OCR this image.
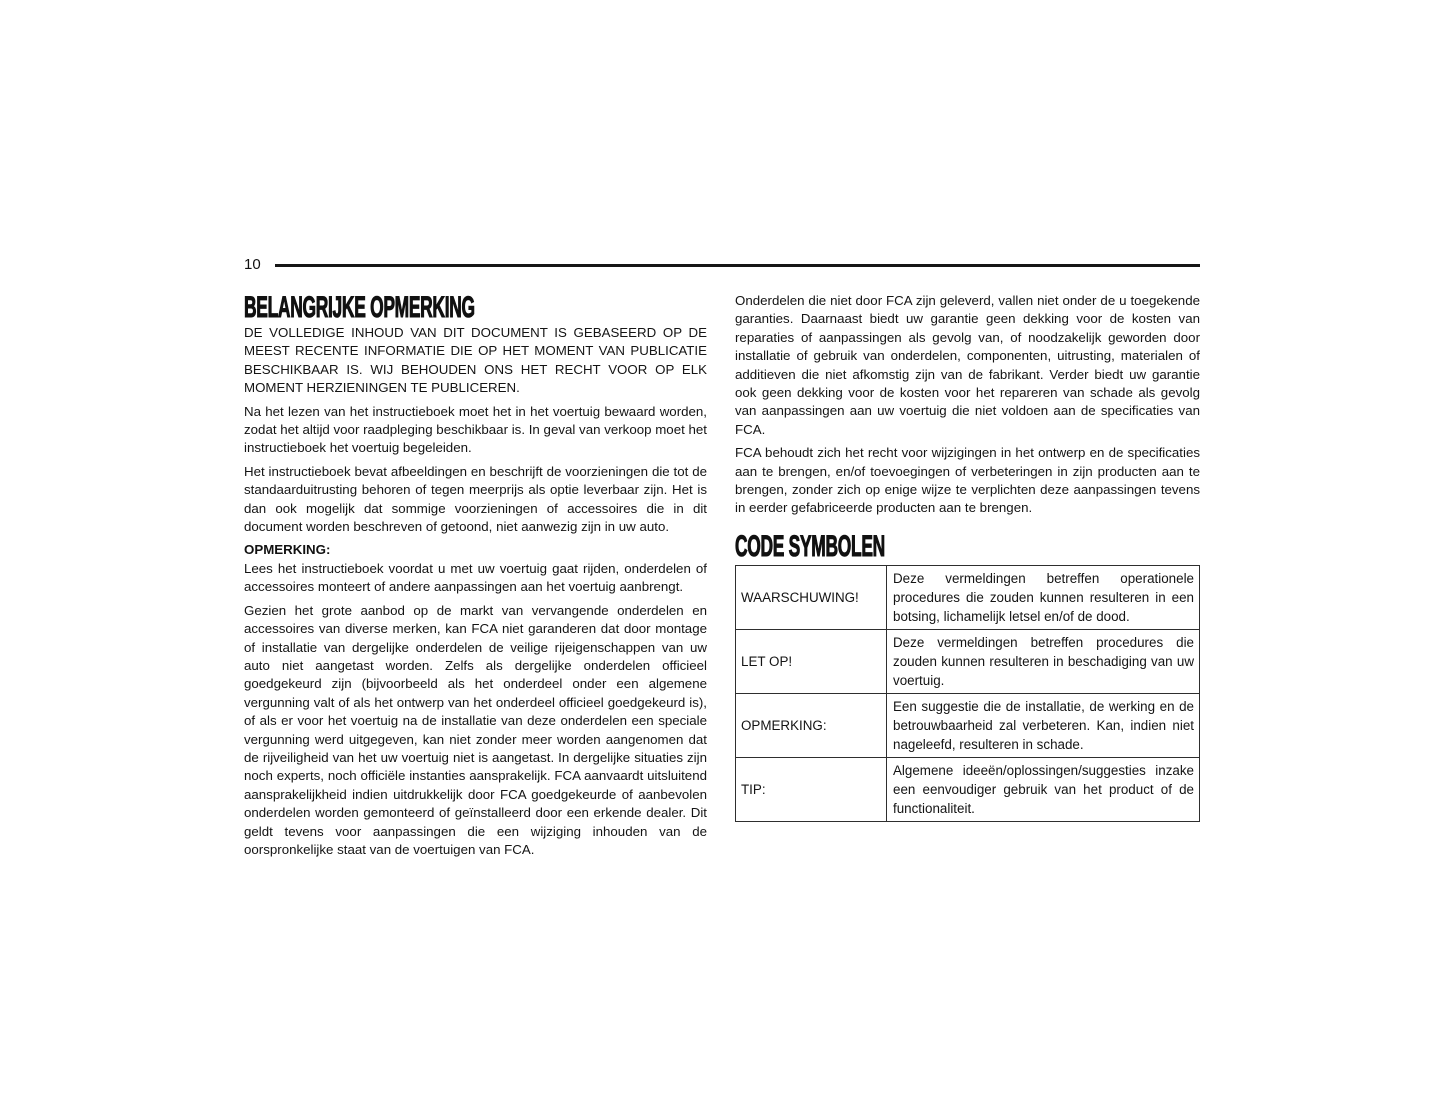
10
BELANGRIJKE OPMERKING

DE VOLLEDIGE INHOUD VAN DIT DOCUMENT IS GEBASEERD OP DE MEEST RECENTE INFORMATIE DIE OP HET MOMENT VAN PUBLICATIE BESCHIKBAAR IS. WIJ BEHOUDEN ONS HET RECHT VOOR OP ELK MOMENT HERZIENINGEN TE PUBLICEREN.

Na het lezen van het instructieboek moet het in het voertuig bewaard worden, zodat het altijd voor raadpleging beschikbaar is. In geval van verkoop moet het instructieboek het voertuig begeleiden.

Het instructieboek bevat afbeeldingen en beschrijft de voorzieningen die tot de standaarduitrusting behoren of tegen meerprijs als optie leverbaar zijn. Het is dan ook mogelijk dat sommige voorzieningen of accessoires die in dit document worden beschreven of getoond, niet aanwezig zijn in uw auto.

OPMERKING:

Lees het instructieboek voordat u met uw voertuig gaat rijden, onderdelen of accessoires monteert of andere aanpassingen aan het voertuig aanbrengt.

Gezien het grote aanbod op de markt van vervangende onderdelen en accessoires van diverse merken, kan FCA niet garanderen dat door montage of installatie van dergelijke onderdelen de veilige rijeigenschappen van uw auto niet aangetast worden. Zelfs als dergelijke onderdelen officieel goedgekeurd zijn (bijvoorbeeld als het onderdeel onder een algemene vergunning valt of als het ontwerp van het onderdeel officieel goedgekeurd is), of als er voor het voertuig na de installatie van deze onderdelen een speciale vergunning werd uitgegeven, kan niet zonder meer worden aangenomen dat de rijveiligheid van het uw voertuig niet is aangetast. In dergelijke situaties zijn noch experts, noch officiële instanties aansprakelijk. FCA aanvaardt uitsluitend aansprakelijkheid indien uitdrukkelijk door FCA goedgekeurde of aanbevolen onderdelen worden gemonteerd of geïnstalleerd door een erkende dealer. Dit geldt tevens voor aanpassingen die een wijziging inhouden van de oorspronkelijke staat van de voertuigen van FCA.

Onderdelen die niet door FCA zijn geleverd, vallen niet onder de u toegekende garanties. Daarnaast biedt uw garantie geen dekking voor de kosten van reparaties of aanpassingen als gevolg van, of noodzakelijk geworden door installatie of gebruik van onderdelen, componenten, uitrusting, materialen of additieven die niet afkomstig zijn van de fabrikant. Verder biedt uw garantie ook geen dekking voor de kosten voor het repareren van schade als gevolg van aanpassingen aan uw voertuig die niet voldoen aan de specificaties van FCA.

FCA behoudt zich het recht voor wijzigingen in het ontwerp en de specificaties aan te brengen, en/of toevoegingen of verbeteringen in zijn producten aan te brengen, zonder zich op enige wijze te verplichten deze aanpassingen tevens in eerder gefabriceerde producten aan te brengen.

CODE SYMBOLEN
WAARSCHUWING!	Deze vermeldingen betreffen operationele procedures die zouden kunnen resulteren in een botsing, lichamelijk letsel en/of de dood.
LET OP!	Deze vermeldingen betreffen procedures die zouden kunnen resulteren in beschadiging van uw voertuig.
OPMERKING:	Een suggestie die de installatie, de werking en de betrouwbaarheid zal verbeteren. Kan, indien niet nageleefd, resulteren in schade.
TIP:	Algemene ideeën/oplossingen/suggesties inzake een eenvoudiger gebruik van het product of de functionaliteit.
